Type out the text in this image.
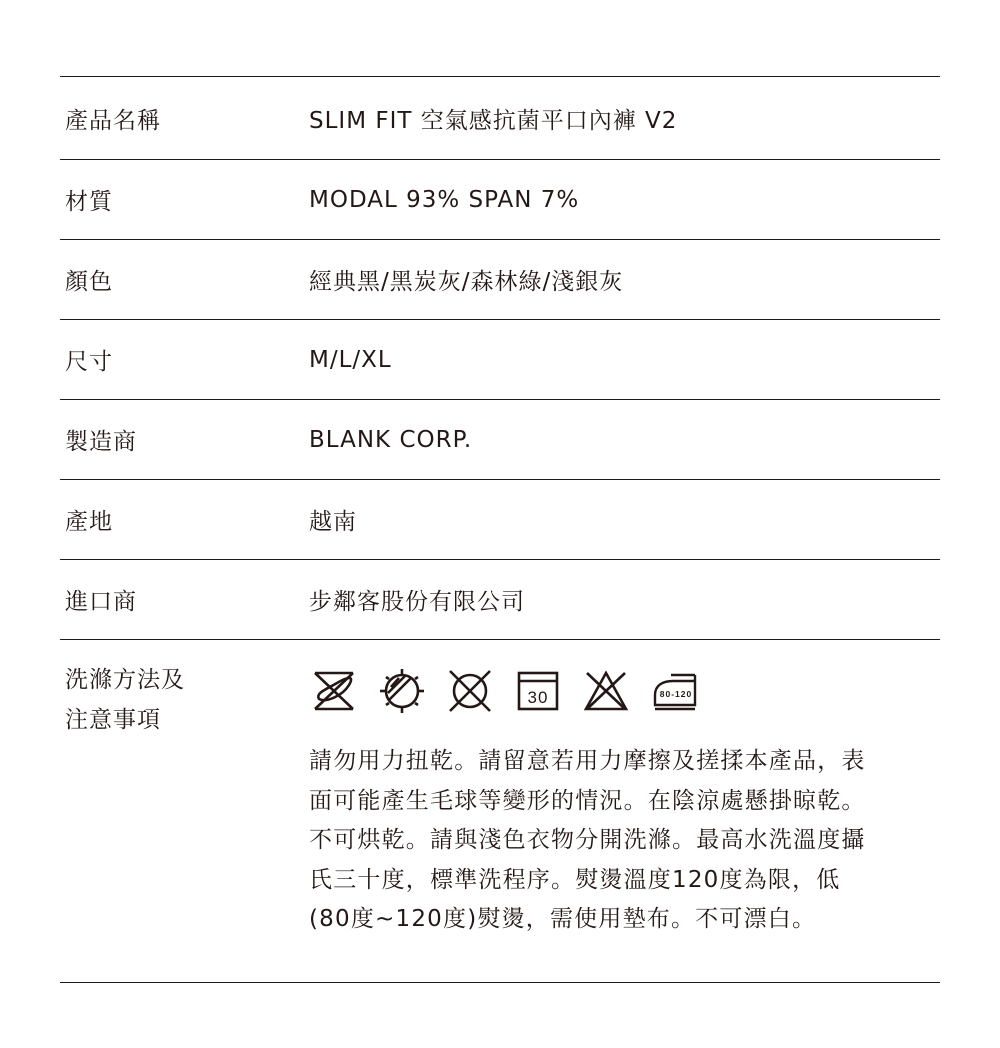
產品名稱	SLIM FIT 空氣感抗菌平口內褲 V2
材質	MODAL 93% SPAN 7%
顏色	經典黑/黑炭灰/森林綠/淺銀灰
尺寸	M/L/XL
製造商	BLANK CORP.
產地	越南
進口商	步鄰客股份有限公司
洗滌方法及
注意事項
30	80-120
請勿用力扭乾。請留意若用力摩擦及搓揉本產品，表
面可能產生毛球等變形的情況。在陰涼處懸掛晾乾。
不可烘乾。請與淺色衣物分開洗滌。最高水洗溫度攝
氏三十度，標準洗程序。熨燙溫度120度為限，低
(80度~120度)熨燙，需使用墊布。不可漂白。
